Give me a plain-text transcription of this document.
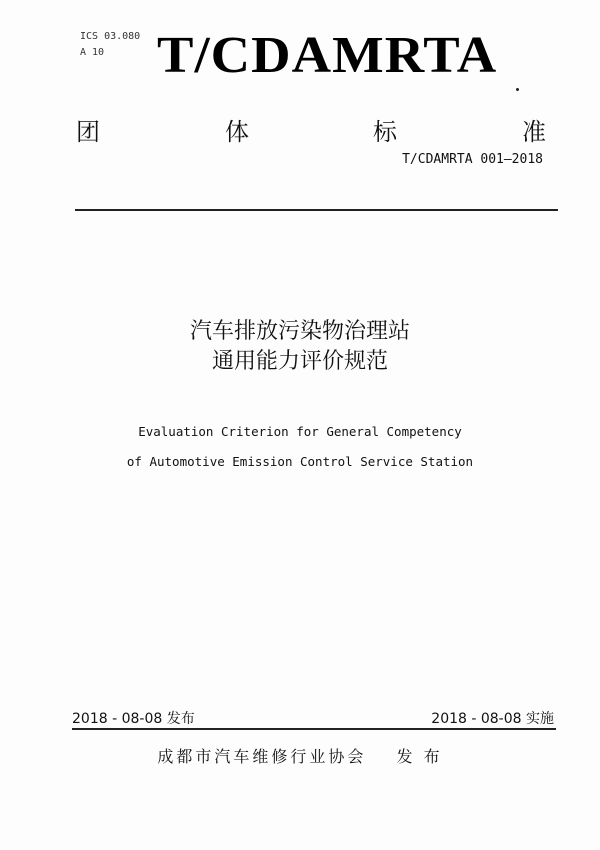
ICS 03.080
A 10 T/CDAMRTA
团	体	标	准
T/CDAMRTA 001—2018
汽车排放污染物治理站
通用能力评价规范
Evaluation Criterion for General Competency
of Automotive Emission Control Service Station
2018 - 08-08 发布	2018 - 08-08 实施
成都市汽车维修行业协会 发 布
